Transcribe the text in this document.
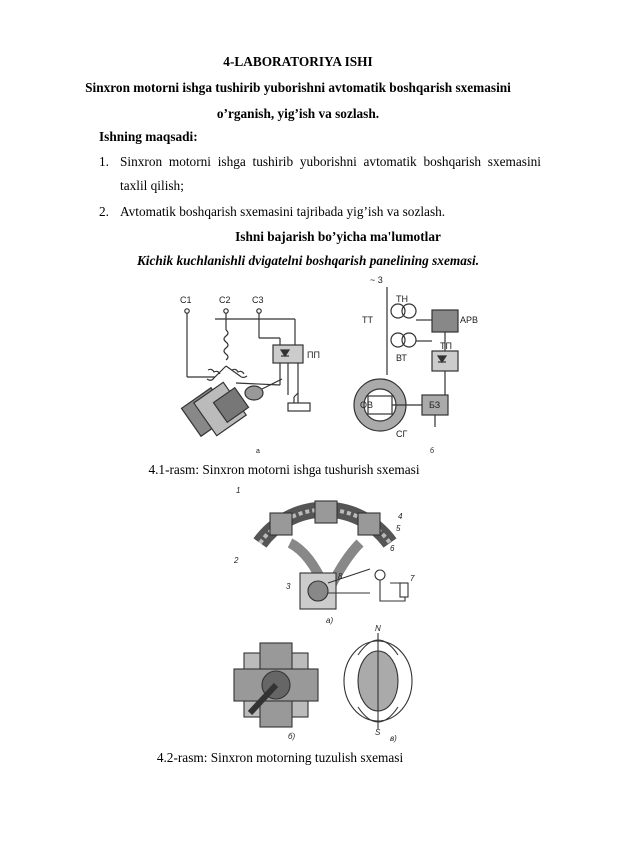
4-LABORATORIYA ISHI
Sinxron motorni ishga tushirib yuborishni avtomatik boshqarish sxemasini
o’rganish, yig’ish va sozlash.
Ishning maqsadi:
1. Sinxron motorni ishga tushirib yuborishni avtomatik boshqarish sxemasini
taxlil qilish;
2. Avtomatik boshqarish sxemasini tajribada yig’ish va sozlash.
Ishni bajarish bo’yicha ma'lumotlar
Kichik kuchlanishli dvigatelni boshqarish panelining sxemasi.
C1	C2 C3
ПП
a
~ 3
ТН
ТТ	АРВ
ВТ
ТП
ОВ	БЗ
СГ
б
4.1-rasm: Sinxron motorni ishga tushurish sxemasi
1
2
3
4
5
6
7
8
N
S
а)
б)	в)
4.2-rasm: Sinxron motorning tuzulish sxemasi
